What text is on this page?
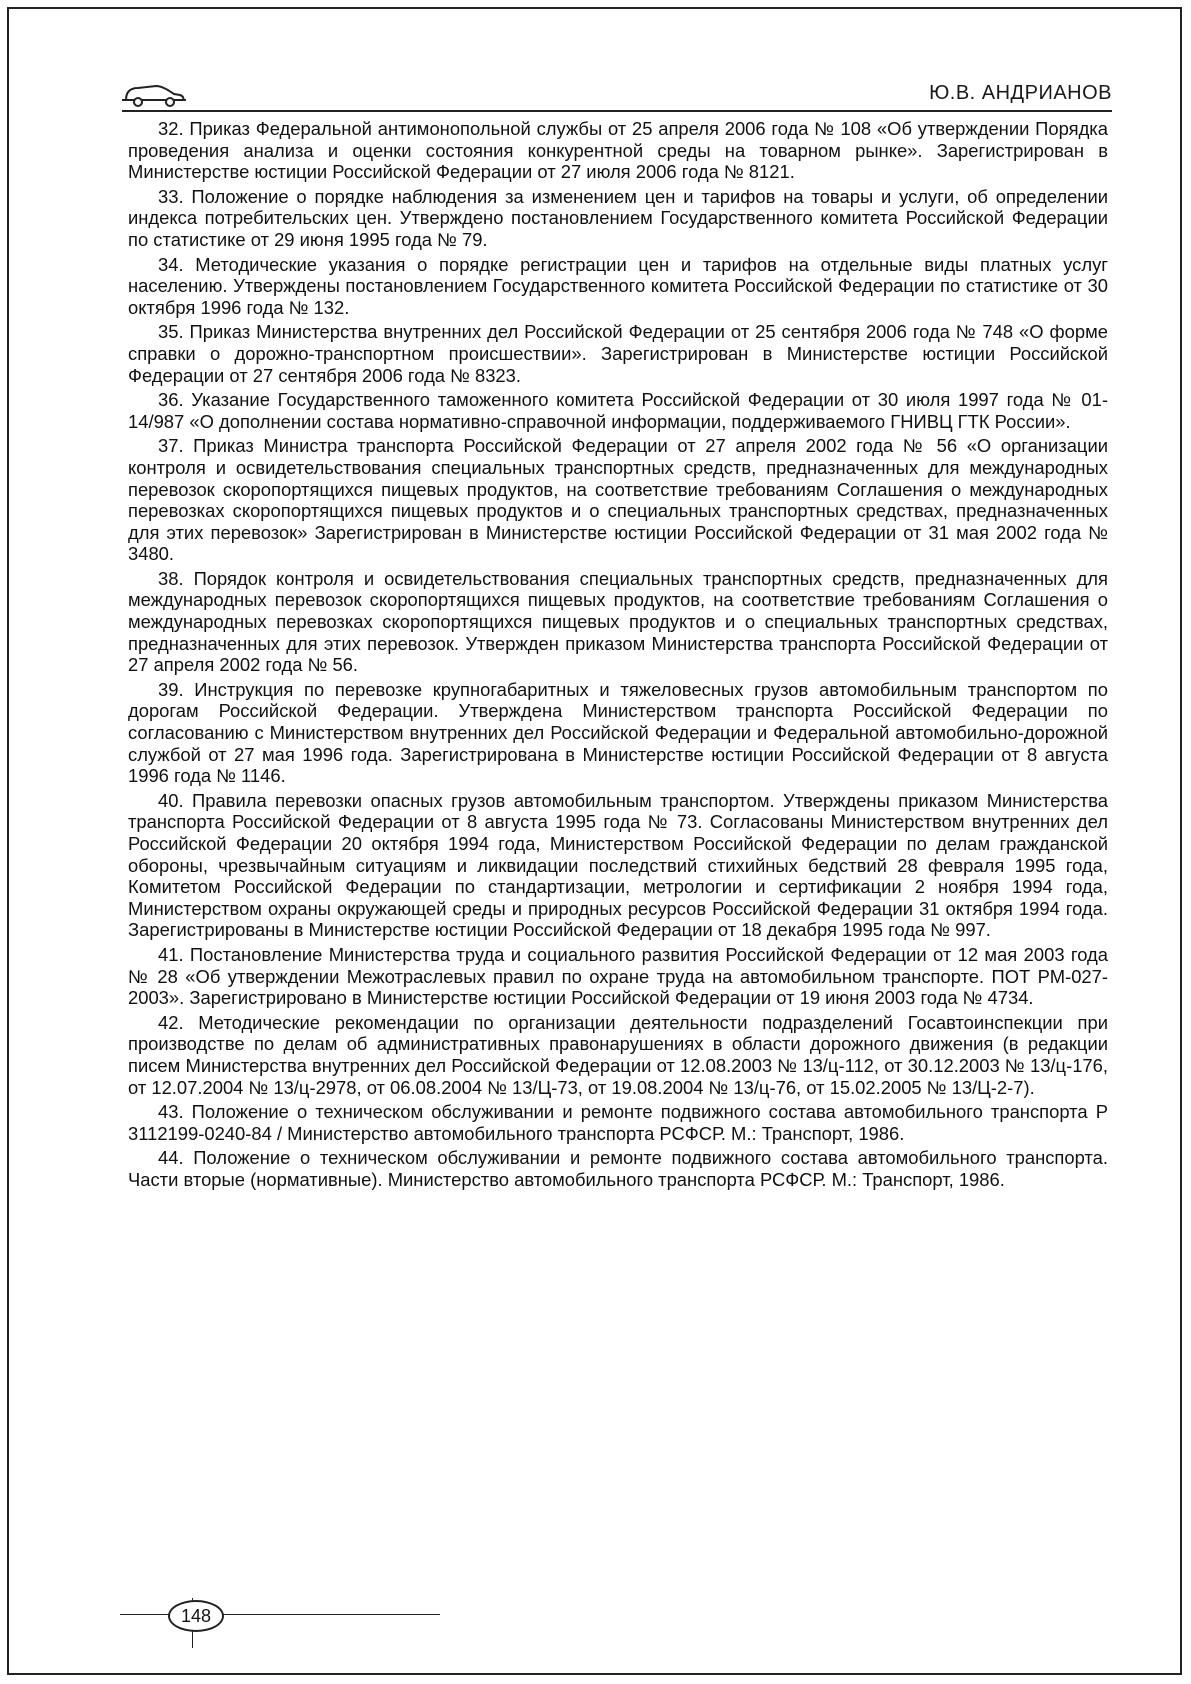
Ю.В. АНДРИАНОВ

32. Приказ Федеральной антимонопольной службы от 25 апреля 2006 года № 108 «Об утверждении Порядка проведения анализа и оценки состояния конкурентной среды на товарном рынке». Зарегистрирован в Министерстве юстиции Российской Федерации от 27 июля 2006 года № 8121.

33. Положение о порядке наблюдения за изменением цен и тарифов на товары и услуги, об определении индекса потребительских цен. Утверждено постановлением Государственного комитета Российской Федерации по статистике от 29 июня 1995 года № 79.

34. Методические указания о порядке регистрации цен и тарифов на отдельные виды платных услуг населению. Утверждены постановлением Государственного комитета Российской Федерации по статистике от 30 октября 1996 года № 132.

35. Приказ Министерства внутренних дел Российской Федерации от 25 сентября 2006 года № 748 «О форме справки о дорожно-транспортном происшествии». Зарегистрирован в Министерстве юстиции Российской Федерации от 27 сентября 2006 года № 8323.

36. Указание Государственного таможенного комитета Российской Федерации от 30 июля 1997 года № 01-14/987 «О дополнении состава нормативно-справочной информации, поддерживаемого ГНИВЦ ГТК России».

37. Приказ Министра транспорта Российской Федерации от 27 апреля 2002 года № 56 «О организации контроля и освидетельствования специальных транспортных средств, предназначенных для международных перевозок скоропортящихся пищевых продуктов, на соответствие требованиям Соглашения о международных перевозках скоропортящихся пищевых продуктов и о специальных транспортных средствах, предназначенных для этих перевозок» Зарегистрирован в Министерстве юстиции Российской Федерации от 31 мая 2002 года № 3480.

38. Порядок контроля и освидетельствования специальных транспортных средств, предназначенных для международных перевозок скоропортящихся пищевых продуктов, на соответствие требованиям Соглашения о международных перевозках скоропортящихся пищевых продуктов и о специальных транспортных средствах, предназначенных для этих перевозок. Утвержден приказом Министерства транспорта Российской Федерации от 27 апреля 2002 года № 56.

39. Инструкция по перевозке крупногабаритных и тяжеловесных грузов автомобильным транспортом по дорогам Российской Федерации. Утверждена Министерством транспорта Российской Федерации по согласованию с Министерством внутренних дел Российской Федерации и Федеральной автомобильно-дорожной службой от 27 мая 1996 года. Зарегистрирована в Министерстве юстиции Российской Федерации от 8 августа 1996 года № 1146.

40. Правила перевозки опасных грузов автомобильным транспортом. Утверждены приказом Министерства транспорта Российской Федерации от 8 августа 1995 года № 73. Согласованы Министерством внутренних дел Российской Федерации 20 октября 1994 года, Министерством Российской Федерации по делам гражданской обороны, чрезвычайным ситуациям и ликвидации последствий стихийных бедствий 28 февраля 1995 года, Комитетом Российской Федерации по стандартизации, метрологии и сертификации 2 ноября 1994 года, Министерством охраны окружающей среды и природных ресурсов Российской Федерации 31 октября 1994 года. Зарегистрированы в Министерстве юстиции Российской Федерации от 18 декабря 1995 года № 997.

41. Постановление Министерства труда и социального развития Российской Федерации от 12 мая 2003 года № 28 «Об утверждении Межотраслевых правил по охране труда на автомобильном транспорте. ПОТ РМ-027-2003». Зарегистрировано в Министерстве юстиции Российской Федерации от 19 июня 2003 года № 4734.

42. Методические рекомендации по организации деятельности подразделений Госавтоинспекции при производстве по делам об административных правонарушениях в области дорожного движения (в редакции писем Министерства внутренних дел Российской Федерации от 12.08.2003 № 13/ц-112, от 30.12.2003 № 13/ц-176, от 12.07.2004 № 13/ц-2978, от 06.08.2004 № 13/Ц-73, от 19.08.2004 № 13/ц-76, от 15.02.2005 № 13/Ц-2-7).

43. Положение о техническом обслуживании и ремонте подвижного состава автомобильного транспорта Р 3112199-0240-84 / Министерство автомобильного транспорта РСФСР. М.: Транспорт, 1986.

44. Положение о техническом обслуживании и ремонте подвижного состава автомобильного транспорта. Части вторые (нормативные). Министерство автомобильного транспорта РСФСР. М.: Транспорт, 1986.

148
